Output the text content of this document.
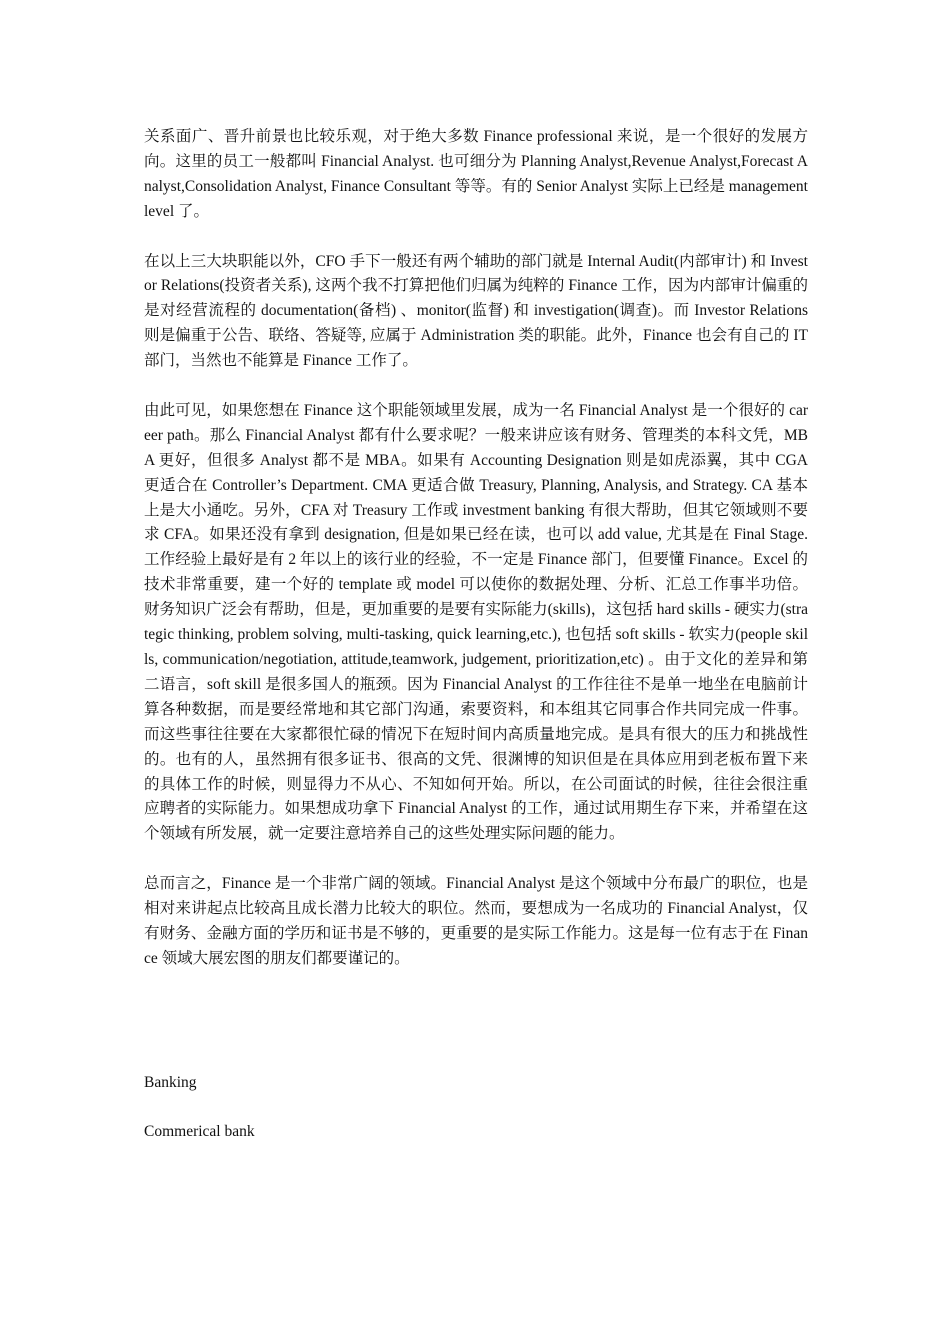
关系面广、晋升前景也比较乐观，对于绝大多数 Finance professional 来说，是一个很好的发展方向。这里的员工一般都叫 Financial Analyst. 也可细分为 Planning Analyst,Revenue Analyst,Forecast Analyst,Consolidation Analyst, Finance Consultant 等等。有的 Senior Analyst 实际上已经是 management level 了。

在以上三大块职能以外，CFO 手下一般还有两个辅助的部门就是 Internal Audit(内部审计) 和 Investor Relations(投资者关系), 这两个我不打算把他们归属为纯粹的 Finance 工作，因为内部审计偏重的是对经营流程的 documentation(备档) 、monitor(监督) 和 investigation(调查)。而 Investor Relations 则是偏重于公告、联络、答疑等, 应属于 Administration 类的职能。此外，Finance 也会有自己的 IT 部门，当然也不能算是 Finance 工作了。

由此可见，如果您想在 Finance 这个职能领域里发展，成为一名 Financial Analyst 是一个很好的 career path。那么 Financial Analyst 都有什么要求呢？一般来讲应该有财务、管理类的本科文凭，MBA 更好，但很多 Analyst 都不是 MBA。如果有 Accounting Designation 则是如虎添翼，其中 CGA 更适合在 Controller’s Department. CMA 更适合做 Treasury, Planning, Analysis, and Strategy. CA 基本上是大小通吃。另外，CFA 对 Treasury 工作或 investment banking 有很大帮助，但其它领域则不要求 CFA。如果还没有拿到 designation, 但是如果已经在读，也可以 add value, 尤其是在 Final Stage. 工作经验上最好是有 2 年以上的该行业的经验，不一定是 Finance 部门，但要懂 Finance。Excel 的技术非常重要，建一个好的 template 或 model 可以使你的数据处理、分析、汇总工作事半功倍。财务知识广泛会有帮助，但是，更加重要的是要有实际能力(skills)，这包括 hard skills - 硬实力(strategic thinking, problem solving, multi-tasking, quick learning,etc.), 也包括 soft skills - 软实力(people skills, communication/negotiation, attitude,teamwork, judgement, prioritization,etc) 。由于文化的差异和第二语言，soft skill 是很多国人的瓶颈。因为 Financial Analyst 的工作往往不是单一地坐在电脑前计算各种数据，而是要经常地和其它部门沟通，索要资料，和本组其它同事合作共同完成一件事。而这些事往往要在大家都很忙碌的情况下在短时间内高质量地完成。是具有很大的压力和挑战性的。也有的人，虽然拥有很多证书、很高的文凭、很渊博的知识但是在具体应用到老板布置下来的具体工作的时候，则显得力不从心、不知如何开始。所以，在公司面试的时候，往往会很注重应聘者的实际能力。如果想成功拿下 Financial Analyst 的工作，通过试用期生存下来，并希望在这个领域有所发展，就一定要注意培养自己的这些处理实际问题的能力。

总而言之，Finance 是一个非常广阔的领域。Financial Analyst 是这个领域中分布最广的职位，也是相对来讲起点比较高且成长潜力比较大的职位。然而，要想成为一名成功的 Financial Analyst，仅有财务、金融方面的学历和证书是不够的，更重要的是实际工作能力。这是每一位有志于在 Finance 领域大展宏图的朋友们都要谨记的。

Banking

Commerical bank
